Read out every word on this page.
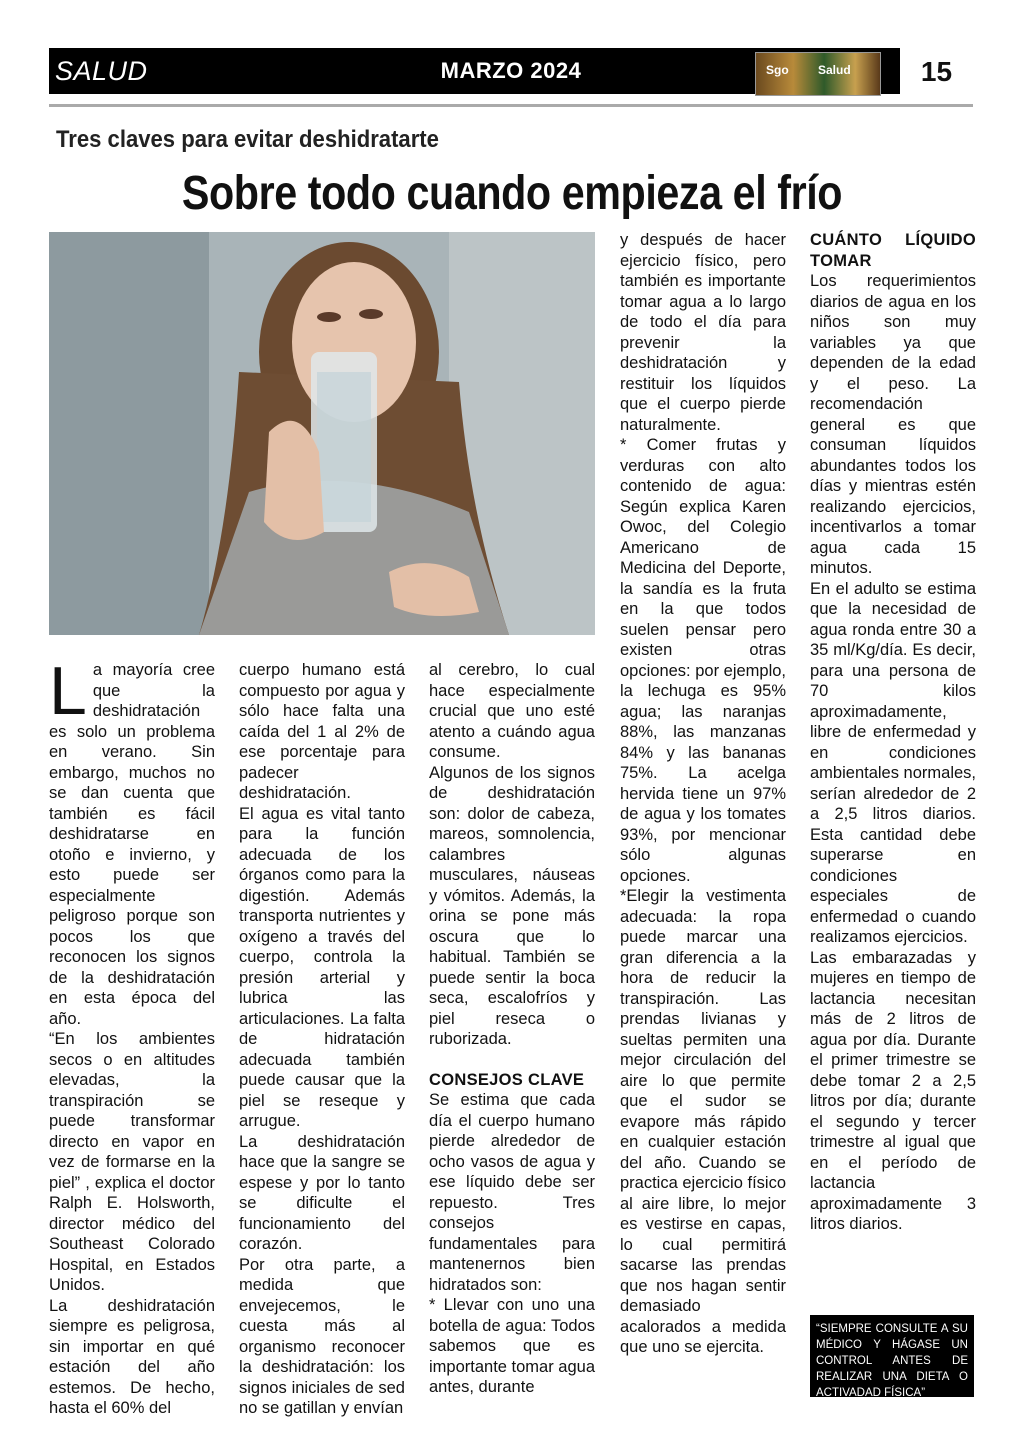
SALUD	MARZO 2024	Sgo Salud	15
Tres claves para evitar deshidratarte
Sobre todo cuando empieza el frío
L a mayoría cree que la deshidratación es solo un problema en verano. Sin embargo, muchos no se dan cuenta que también es fácil deshidratarse en otoño e invierno, y esto puede ser especialmente peligroso porque son pocos los que reconocen los signos de la deshidratación en esta época del año.

“En los ambientes secos o en altitudes elevadas, la transpiración se puede transformar directo en vapor en vez de formarse en la piel” , explica el doctor Ralph E. Holsworth, director médico del Southeast Colorado Hospital, en Estados Unidos.

La deshidratación siempre es peligrosa, sin importar en qué estación del año estemos. De hecho, hasta el 60% del

cuerpo humano está compuesto por agua y sólo hace falta una caída del 1 al 2% de ese porcentaje para padecer deshidratación.

El agua es vital tanto para la función adecuada de los órganos como para la digestión. Además transporta nutrientes y oxígeno a través del cuerpo, controla la presión arterial y lubrica las articulaciones. La falta de hidratación adecuada también puede causar que la piel se reseque y arrugue.

La deshidratación hace que la sangre se espese y por lo tanto se dificulte el funcionamiento del corazón.

Por otra parte, a medida que envejecemos, le cuesta más al organismo reconocer la deshidratación: los signos iniciales de sed no se gatillan y envían

al cerebro, lo cual hace especialmente crucial que uno esté atento a cuándo agua consume.

Algunos de los signos de deshidratación son: dolor de cabeza, mareos, somnolencia, calambres musculares, náuseas y vómitos. Además, la orina se pone más oscura que lo habitual. También se puede sentir la boca seca, escalofríos y piel reseca o ruborizada.

CONSEJOS CLAVE

Se estima que cada día el cuerpo humano pierde alrededor de ocho vasos de agua y ese líquido debe ser repuesto. Tres consejos fundamentales para mantenernos bien hidratados son:

* Llevar con uno una botella de agua: Todos sabemos que es importante tomar agua antes, durante

y después de hacer ejercicio físico, pero también es importante tomar agua a lo largo de todo el día para prevenir la deshidratación y restituir los líquidos que el cuerpo pierde naturalmente.

* Comer frutas y verduras con alto contenido de agua: Según explica Karen Owoc, del Colegio Americano de Medicina del Deporte, la sandía es la fruta en la que todos suelen pensar pero existen otras opciones: por ejemplo, la lechuga es 95% agua; las naranjas 88%, las manzanas 84% y las bananas 75%. La acelga hervida tiene un 97% de agua y los tomates 93%, por mencionar sólo algunas opciones.

*Elegir la vestimenta adecuada: la ropa puede marcar una gran diferencia a la hora de reducir la transpiración. Las prendas livianas y sueltas permiten una mejor circulación del aire lo que permite que el sudor se evapore más rápido en cualquier estación del año. Cuando se practica ejercicio físico al aire libre, lo mejor es vestirse en capas, lo cual permitirá sacarse las prendas que nos hagan sentir demasiado acalorados a medida que uno se ejercita.

CUÁNTO LÍQUIDO TOMAR

Los requerimientos diarios de agua en los niños son muy variables ya que dependen de la edad y el peso. La recomendación general es que consuman líquidos abundantes todos los días y mientras estén realizando ejercicios, incentivarlos a tomar agua cada 15 minutos.

En el adulto se estima que la necesidad de agua ronda entre 30 a 35 ml/Kg/día. Es decir, para una persona de 70 kilos aproximadamente, libre de enfermedad y en condiciones ambientales normales, serían alrededor de 2 a 2,5 litros diarios. Esta cantidad debe superarse en condiciones especiales de enfermedad o cuando realizamos ejercicios.

Las embarazadas y mujeres en tiempo de lactancia necesitan más de 2 litros de agua por día. Durante el primer trimestre se debe tomar 2 a 2,5 litros por día; durante el segundo y tercer trimestre al igual que en el período de lactancia aproximadamente 3 litros diarios.

“SIEMPRE CONSULTE A SU MÉDICO Y HÁGASE UN CONTROL ANTES DE REALIZAR UNA DIETA O ACTIVADAD FÍSICA”
